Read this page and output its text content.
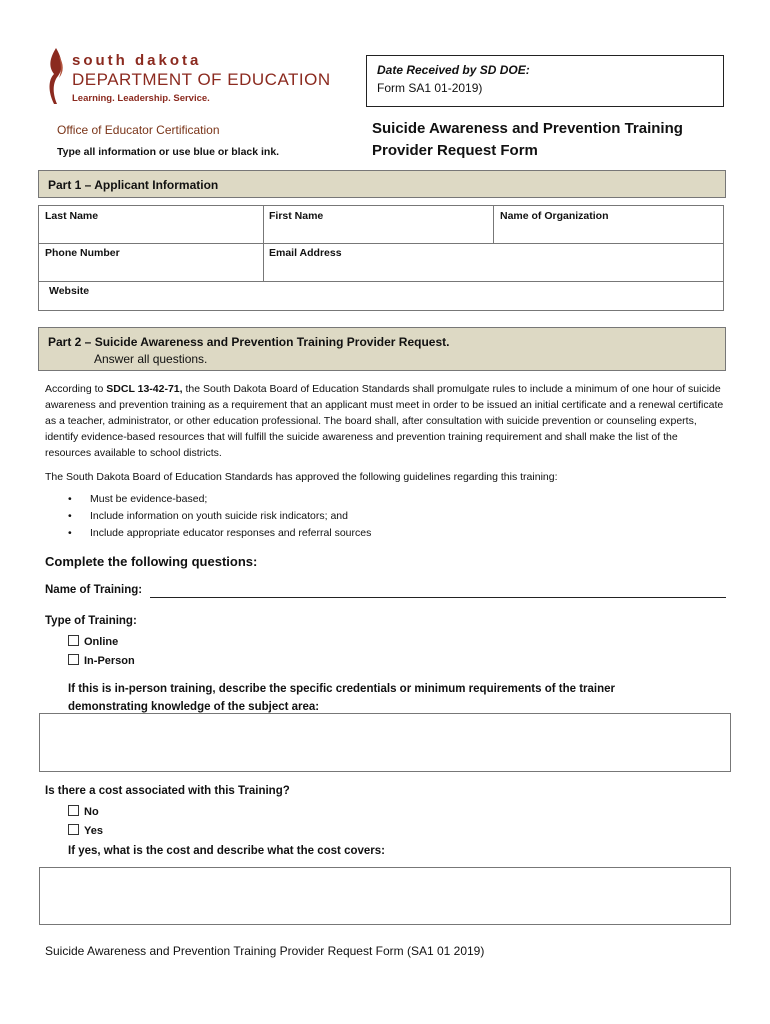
south dakota
DEPARTMENT OF EDUCATION
Learning. Leadership. Service.
Date Received by SD DOE:
Form SA1 01-2019)
Office of Educator Certification
Type all information or use blue or black ink.
Suicide Awareness and Prevention Training
Provider Request Form
Part 1 – Applicant Information
Last Name	First Name	Name of Organization
Phone Number	Email Address
Website
Part 2 – Suicide Awareness and Prevention Training Provider Request.
Answer all questions.
According to SDCL 13-42-71, the South Dakota Board of Education Standards shall promulgate rules to include a minimum of one hour of suicide awareness and prevention training as a requirement that an applicant must meet in order to be issued an initial certificate and a renewal certificate as a teacher, administrator, or other education professional. The board shall, after consultation with suicide prevention or counseling experts, identify evidence-based resources that will fulfill the suicide awareness and prevention training requirement and shall make the list of the resources available to school districts.
The South Dakota Board of Education Standards has approved the following guidelines regarding this training:
• Must be evidence-based;
• Include information on youth suicide risk indicators; and
• Include appropriate educator responses and referral sources
Complete the following questions:
Name of Training:
Type of Training:
Online
In-Person
If this is in-person training, describe the specific credentials or minimum requirements of the trainer demonstrating knowledge of the subject area:
Is there a cost associated with this Training?
No
Yes
If yes, what is the cost and describe what the cost covers:
Suicide Awareness and Prevention Training Provider Request Form (SA1 01 2019)
